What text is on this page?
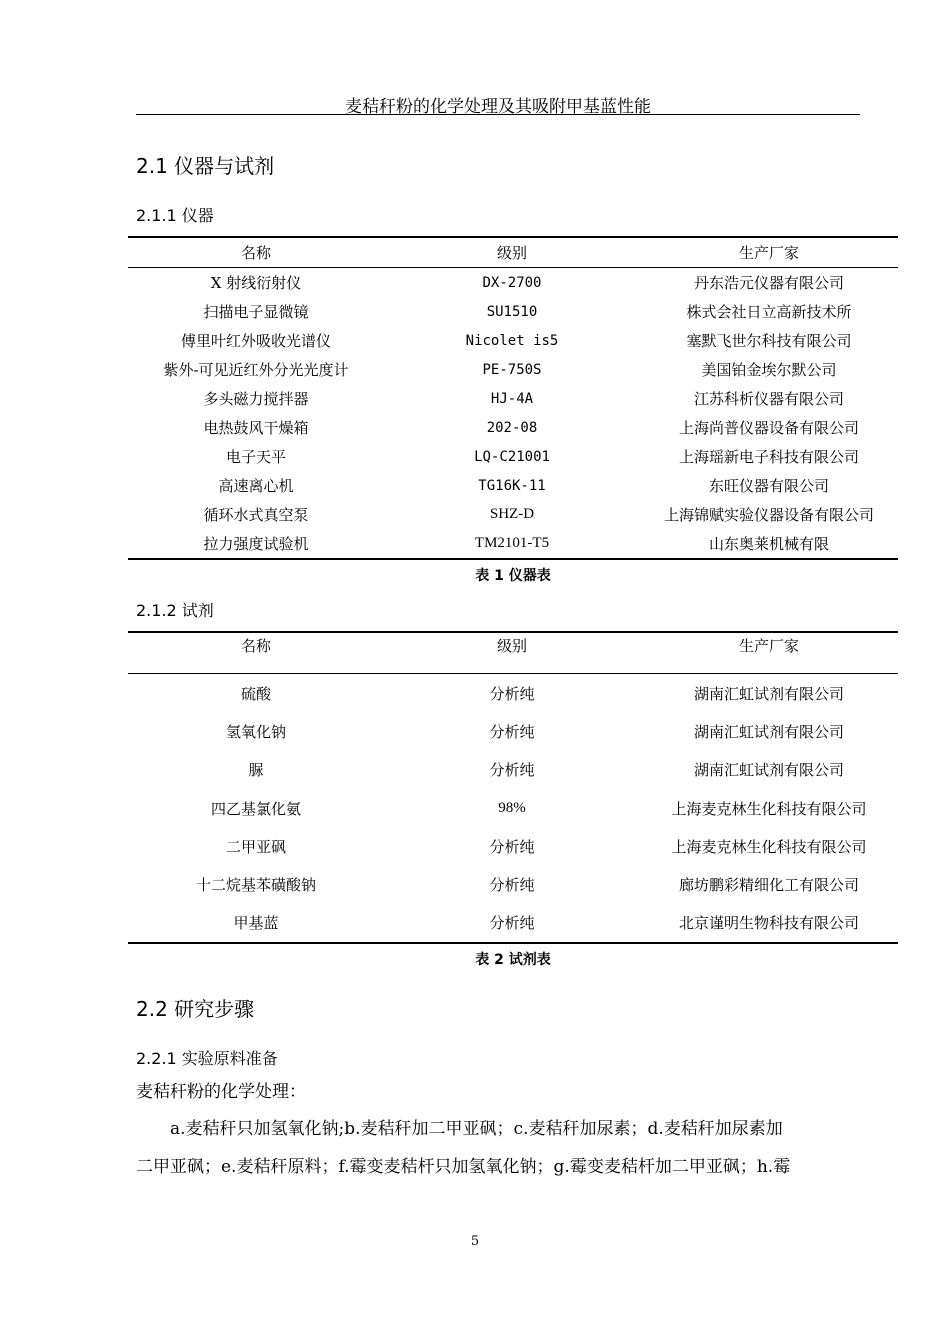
麦秸秆粉的化学处理及其吸附甲基蓝性能
2.1 仪器与试剂
2.1.1 仪器
名称	级别	生产厂家
X 射线衍射仪	DX-2700	丹东浩元仪器有限公司
扫描电子显微镜	SU1510	株式会社日立高新技术所
傅里叶红外吸收光谱仪	Nicolet is5	塞默飞世尔科技有限公司
紫外-可见近红外分光光度计	PE-750S	美国铂金埃尔默公司
多头磁力搅拌器	HJ-4A	江苏科析仪器有限公司
电热鼓风干燥箱	202-08	上海尚普仪器设备有限公司
电子天平	LQ-C21001	上海瑶新电子科技有限公司
高速离心机	TG16K-11	东旺仪器有限公司
循环水式真空泵	SHZ-D	上海锦赋实验仪器设备有限公司
拉力强度试验机	TM2101-T5	山东奥莱机械有限
表 1 仪器表
2.1.2 试剂
名称	级别	生产厂家
硫酸	分析纯	湖南汇虹试剂有限公司
氢氧化钠	分析纯	湖南汇虹试剂有限公司
脲	分析纯	湖南汇虹试剂有限公司
四乙基氯化氨	98%	上海麦克林生化科技有限公司
二甲亚砜	分析纯	上海麦克林生化科技有限公司
十二烷基苯磺酸钠	分析纯	廊坊鹏彩精细化工有限公司
甲基蓝	分析纯	北京谨明生物科技有限公司
表 2 试剂表
2.2 研究步骤
2.2.1 实验原料准备
麦秸秆粉的化学处理：
a.麦秸秆只加氢氧化钠;b.麦秸秆加二甲亚砜；c.麦秸秆加尿素；d.麦秸秆加尿素加
二甲亚砜；e.麦秸秆原料；f.霉变麦秸杆只加氢氧化钠；g.霉变麦秸杆加二甲亚砜；h.霉
5
